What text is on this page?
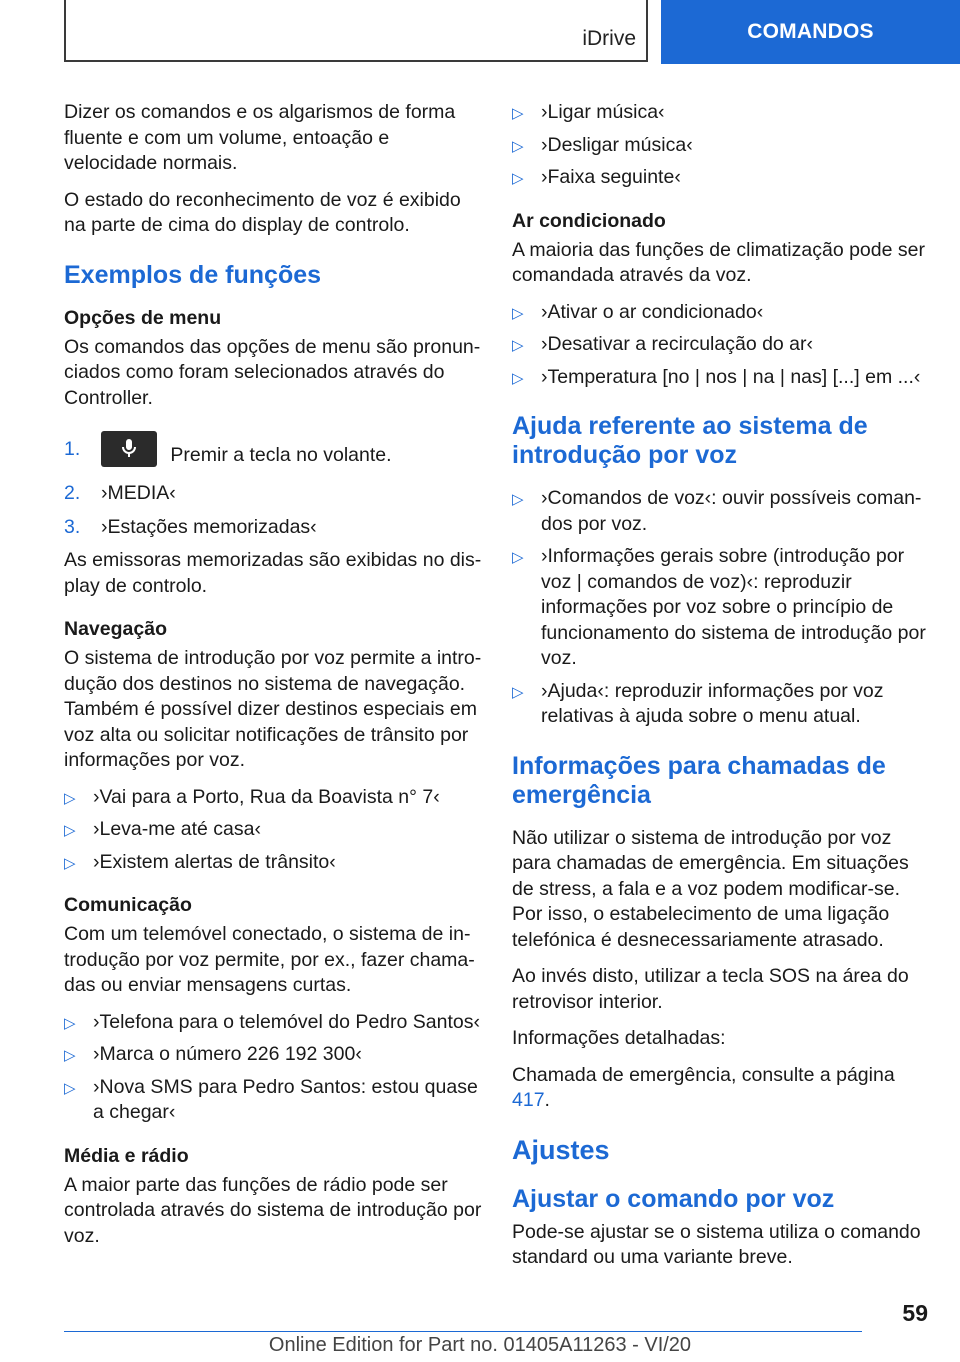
iDrive	COMANDOS

Dizer os comandos e os algarismos de forma fluente e com um volume, entoação e velocidade normais.

O estado do reconhecimento de voz é exibido na parte de cima do display de controlo.

Exemplos de funções
Opções de menu

Os comandos das opções de menu são pronunciados como foram selecionados através do Controller.

1.	Premir a tecla no volante.
2. ›MEDIA‹
3. ›Estações memorizadas‹

As emissoras memorizadas são exibidas no display de controlo.

Navegação

O sistema de introdução por voz permite a introdução dos destinos no sistema de navegação. Também é possível dizer destinos especiais em voz alta ou solicitar notificações de trânsito por informações por voz.

▷ ›Vai para a Porto, Rua da Boavista n° 7‹
▷ ›Leva-me até casa‹
▷ ›Existem alertas de trânsito‹
Comunicação

Com um telemóvel conectado, o sistema de introdução por voz permite, por ex., fazer chamadas ou enviar mensagens curtas.

▷ ›Telefona para o telemóvel do Pedro Santos‹
▷ ›Marca o número 226 192 300‹
▷ ›Nova SMS para Pedro Santos: estou quase a chegar‹
Média e rádio

A maior parte das funções de rádio pode ser controlada através do sistema de introdução por voz.

▷ ›Ligar música‹
▷ ›Desligar música‹
▷ ›Faixa seguinte‹
Ar condicionado

A maioria das funções de climatização pode ser comandada através da voz.

▷ ›Ativar o ar condicionado‹
▷ ›Desativar a recirculação do ar‹
▷ ›Temperatura [no | nos | na | nas] [...] em ...‹
Ajuda referente ao sistema de introdução por voz
▷ ›Comandos de voz‹: ouvir possíveis comandos por voz.
▷ ›Informações gerais sobre (introdução por voz | comandos de voz)‹: reproduzir informações por voz sobre o princípio de funcionamento do sistema de introdução por voz.
▷ ›Ajuda‹: reproduzir informações por voz relativas à ajuda sobre o menu atual.
Informações para chamadas de emergência

Não utilizar o sistema de introdução por voz para chamadas de emergência. Em situações de stress, a fala e a voz podem modificar-se. Por isso, o estabelecimento de uma ligação telefónica é desnecessariamente atrasado.

Ao invés disto, utilizar a tecla SOS na área do retrovisor interior.

Informações detalhadas:

Chamada de emergência, consulte a página 417.

Ajustes
Ajustar o comando por voz

Pode-se ajustar se o sistema utiliza o comando standard ou uma variante breve.

59
Online Edition for Part no. 01405A11263 - VI/20
